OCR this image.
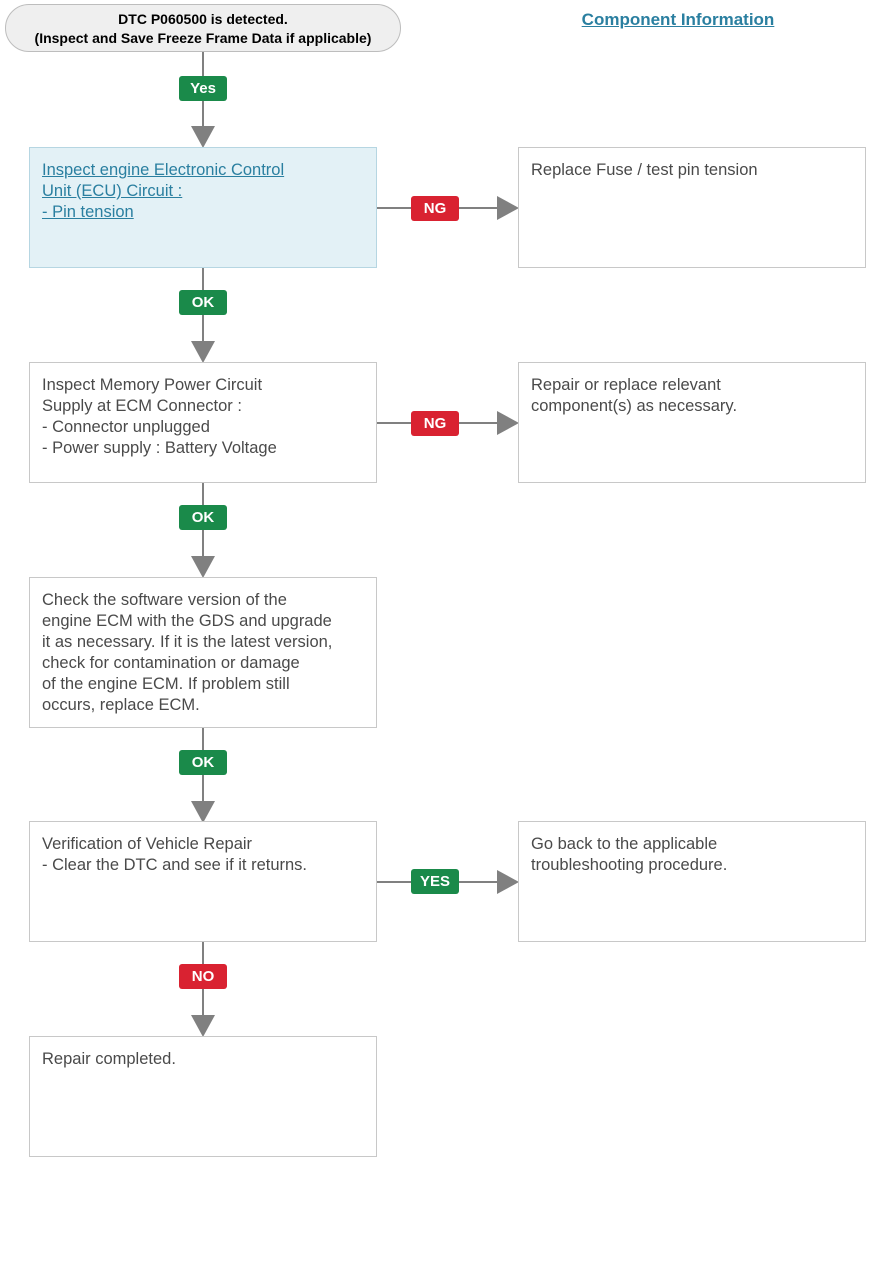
DTC P060500 is detected.
(Inspect and Save Freeze Frame Data if applicable)
Component Information
Inspect engine Electronic Control
Unit (ECU) Circuit :
- Pin tension
Inspect Memory Power Circuit
Supply at ECM Connector :
- Connector unplugged
- Power supply : Battery Voltage
Check the software version of the
engine ECM with the GDS and upgrade
it as necessary. If it is the latest version,
check for contamination or damage
of the engine ECM. If problem still
occurs, replace ECM.
Verification of Vehicle Repair
- Clear the DTC and see if it returns.
Repair completed.
Replace Fuse / test pin tension
Repair or replace relevant
component(s) as necessary.
Go back to the applicable
troubleshooting procedure.
Yes
OK
OK
OK
NO
NG
NG
YES
